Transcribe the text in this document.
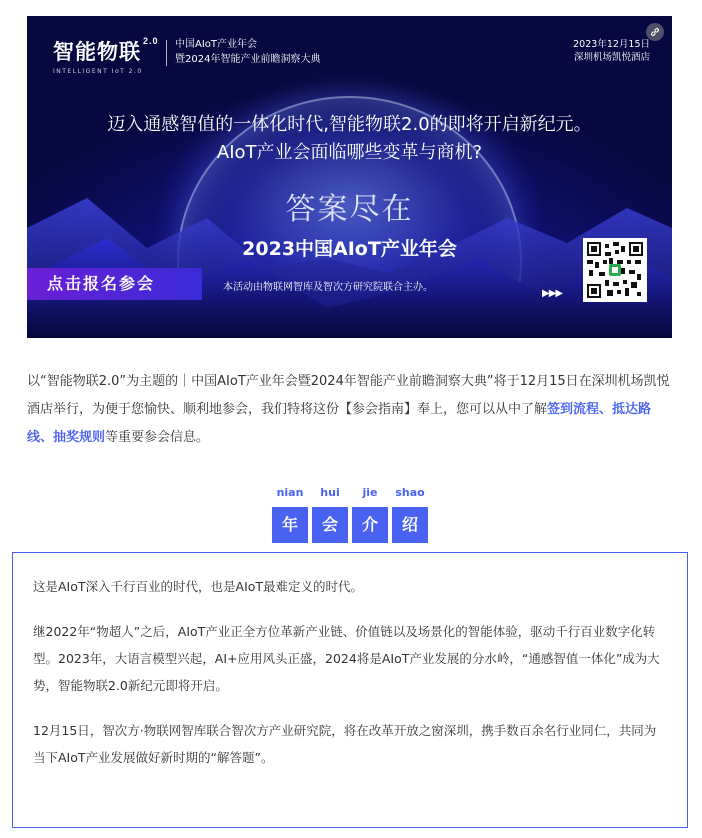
智能物联 $^{2.0}$
INTELLIGENT IoT 2.0
中国AIoT产业年会
暨2024年智能产业前瞻洞察大典
2023年12月15日
深圳机场凯悦酒店
迈入通感智值的一体化时代,智能物联2.0的即将开启新纪元。
AIoT产业会面临哪些变革与商机?
答案尽在
2023中国AIoT产业年会
点击报名参会	本活动由物联网智库及智次方研究院联合主办。
▶▶▶
以“智能物联2.0”为主题的｜中国AIoT产业年会暨2024年智能产业前瞻洞察大典”将于12月15日在深圳机场凯悦酒店举行，为便于您愉快、顺利地参会，我们特将这份【参会指南】奉上，您可以从中了解签到流程、抵达路线、抽奖规则等重要参会信息。
nian	hui	jie	shao
年	会	介	绍

这是AIoT深入千行百业的时代，也是AIoT最难定义的时代。

继2022年“物超人”之后，AIoT产业正全方位革新产业链、价值链以及场景化的智能体验，驱动千行百业数字化转型。2023年，大语言模型兴起，AI+应用风头正盛，2024将是AIoT产业发展的分水岭，“通感智值一体化”成为大势，智能物联2.0新纪元即将开启。

12月15日，智次方·物联网智库联合智次方产业研究院，将在改革开放之窗深圳，携手数百余名行业同仁，共同为当下AIoT产业发展做好新时期的“解答题”。
